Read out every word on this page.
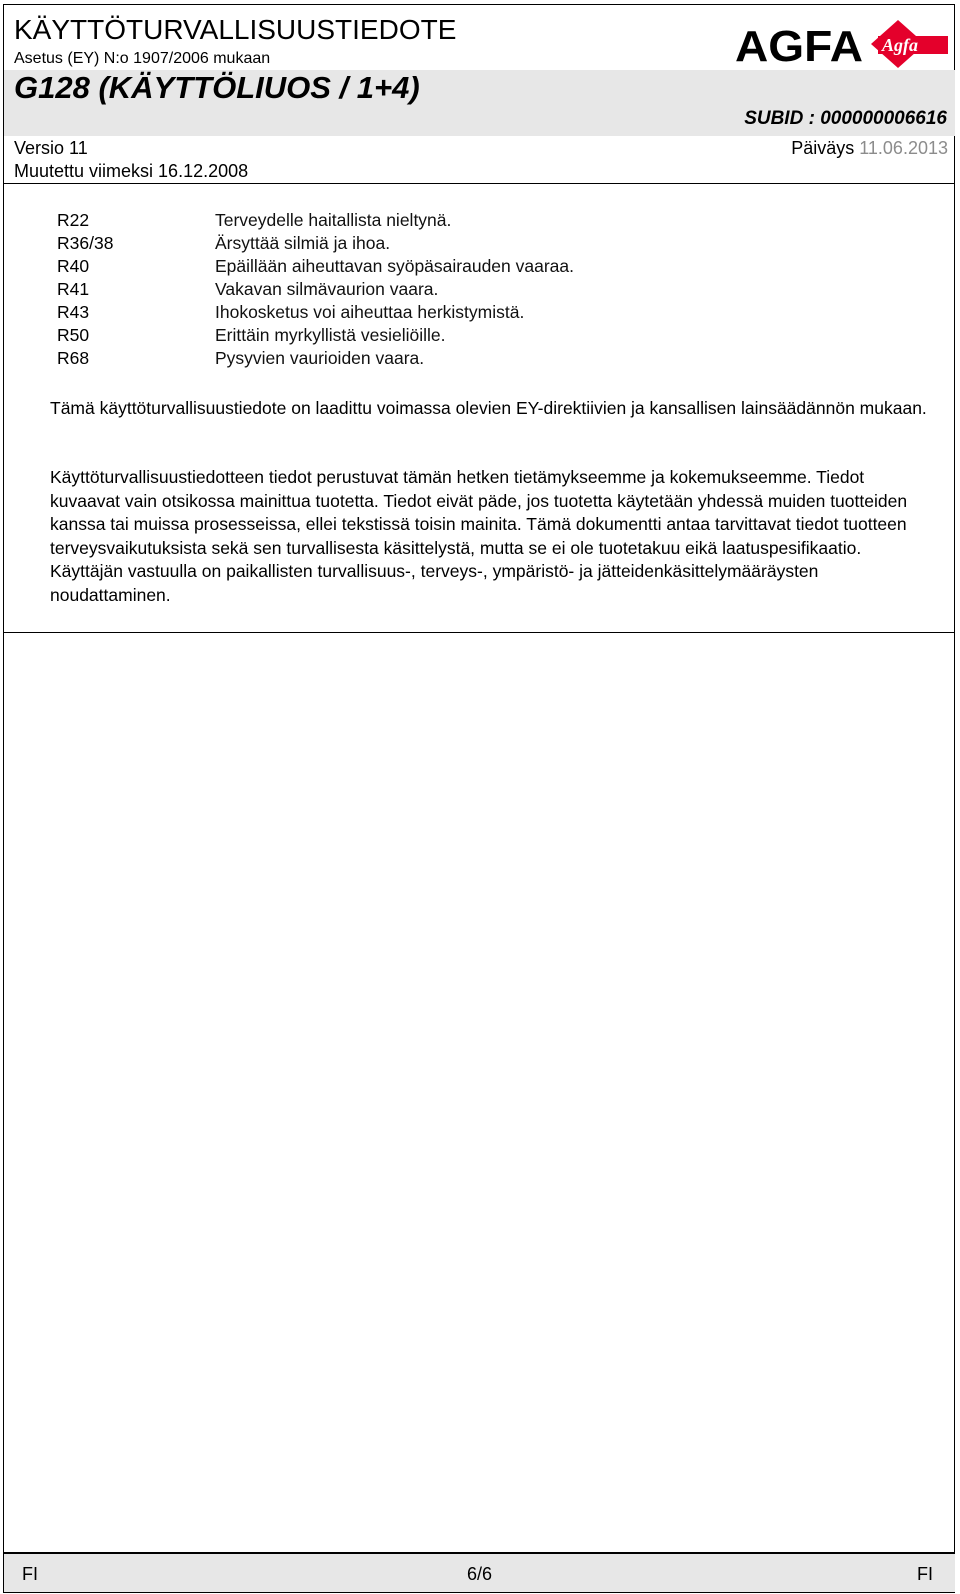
KÄYTTÖTURVALLISUUSTIEDOTE
Asetus (EY) N:o 1907/2006 mukaan
G128 (KÄYTTÖLIUOS / 1+4)
SUBID : 000000006616
Versio 11	Päiväys 11.06.2013
Muutettu viimeksi 16.12.2008
AGFA Agfa
R22	Terveydelle haitallista nieltynä.
R36/38	Ärsyttää silmiä ja ihoa.
R40	Epäillään aiheuttavan syöpäsairauden vaaraa.
R41	Vakavan silmävaurion vaara.
R43	Ihokosketus voi aiheuttaa herkistymistä.
R50	Erittäin myrkyllistä vesieliöille.
R68	Pysyvien vaurioiden vaara.
Tämä käyttöturvallisuustiedote on laadittu voimassa olevien EY-direktiivien ja kansallisen lainsäädännön mukaan.
Käyttöturvallisuustiedotteen tiedot perustuvat tämän hetken tietämykseemme ja kokemukseemme. Tiedot kuvaavat vain otsikossa mainittua tuotetta. Tiedot eivät päde, jos tuotetta käytetään yhdessä muiden tuotteiden kanssa tai muissa prosesseissa, ellei tekstissä toisin mainita. Tämä dokumentti antaa tarvittavat tiedot tuotteen terveysvaikutuksista sekä sen turvallisesta käsittelystä, mutta se ei ole tuotetakuu eikä laatuspesifikaatio. Käyttäjän vastuulla on paikallisten turvallisuus-, terveys-, ympäristö- ja jätteidenkäsittelymääräysten noudattaminen.
FI	6/6	FI
